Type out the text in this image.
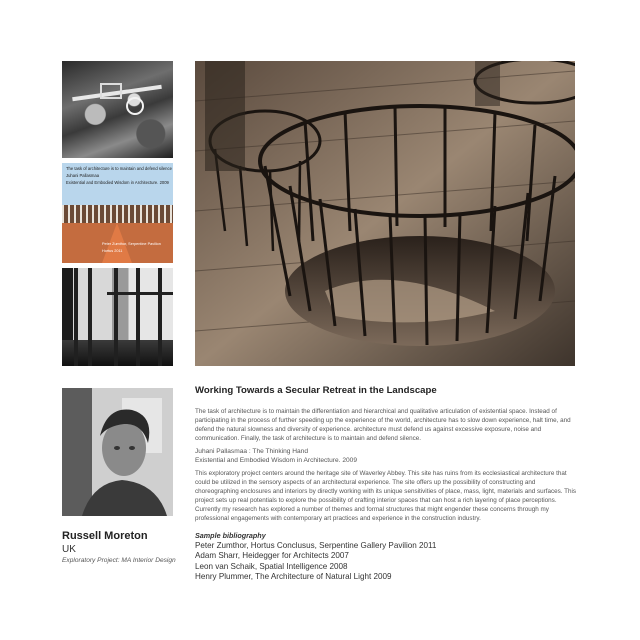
The task of architecture is to maintain and defend silence
Juhani Pallasmaa
Existential and Embodied Wisdom in Architecture. 2009
Peter Zumthor, Serpentine Pavilion
Hortus 2011
Russell Moreton
UK
Exploratory Project: MA Interior Design
Working Towards a Secular Retreat in the Landscape

The task of architecture is to maintain the differentiation and hierarchical and qualitative articulation of existential space. Instead of participating in the process of further speeding up the experience of the world, architecture has to slow down experience, halt time, and defend the natural slowness and diversity of experience. architecture must defend us against excessive exposure, noise and communication. Finally, the task of architecture is to maintain and defend silence.

Juhani Pallasmaa : The Thinking Hand

Existential and Embodied Wisdom in Architecture. 2009

This exploratory project centers around the heritage site of Waverley Abbey. This site has ruins from its ecclesiastical architecture that could be utilized in the sensory aspects of an architectural experience. The site offers up the possibility of constructing and choreographing enclosures and interiors by directly working with its unique sensitivities of place, mass, light, materials and surfaces. This project sets up real potentials to explore the possibility of crafting interior spaces that can host a rich layering of place perceptions. Currently my research has explored a number of themes and formal structures that might engender these concerns through my professional engagements with contemporary art practices and experience in the construction industry.

Sample bibliography

Peter Zumthor, Hortus Conclusus, Serpentine Gallery Pavilion 2011

Adam Sharr, Heidegger for Architects 2007

Leon van Schaik, Spatial Intelligence 2008

Henry Plummer, The Architecture of Natural Light 2009
